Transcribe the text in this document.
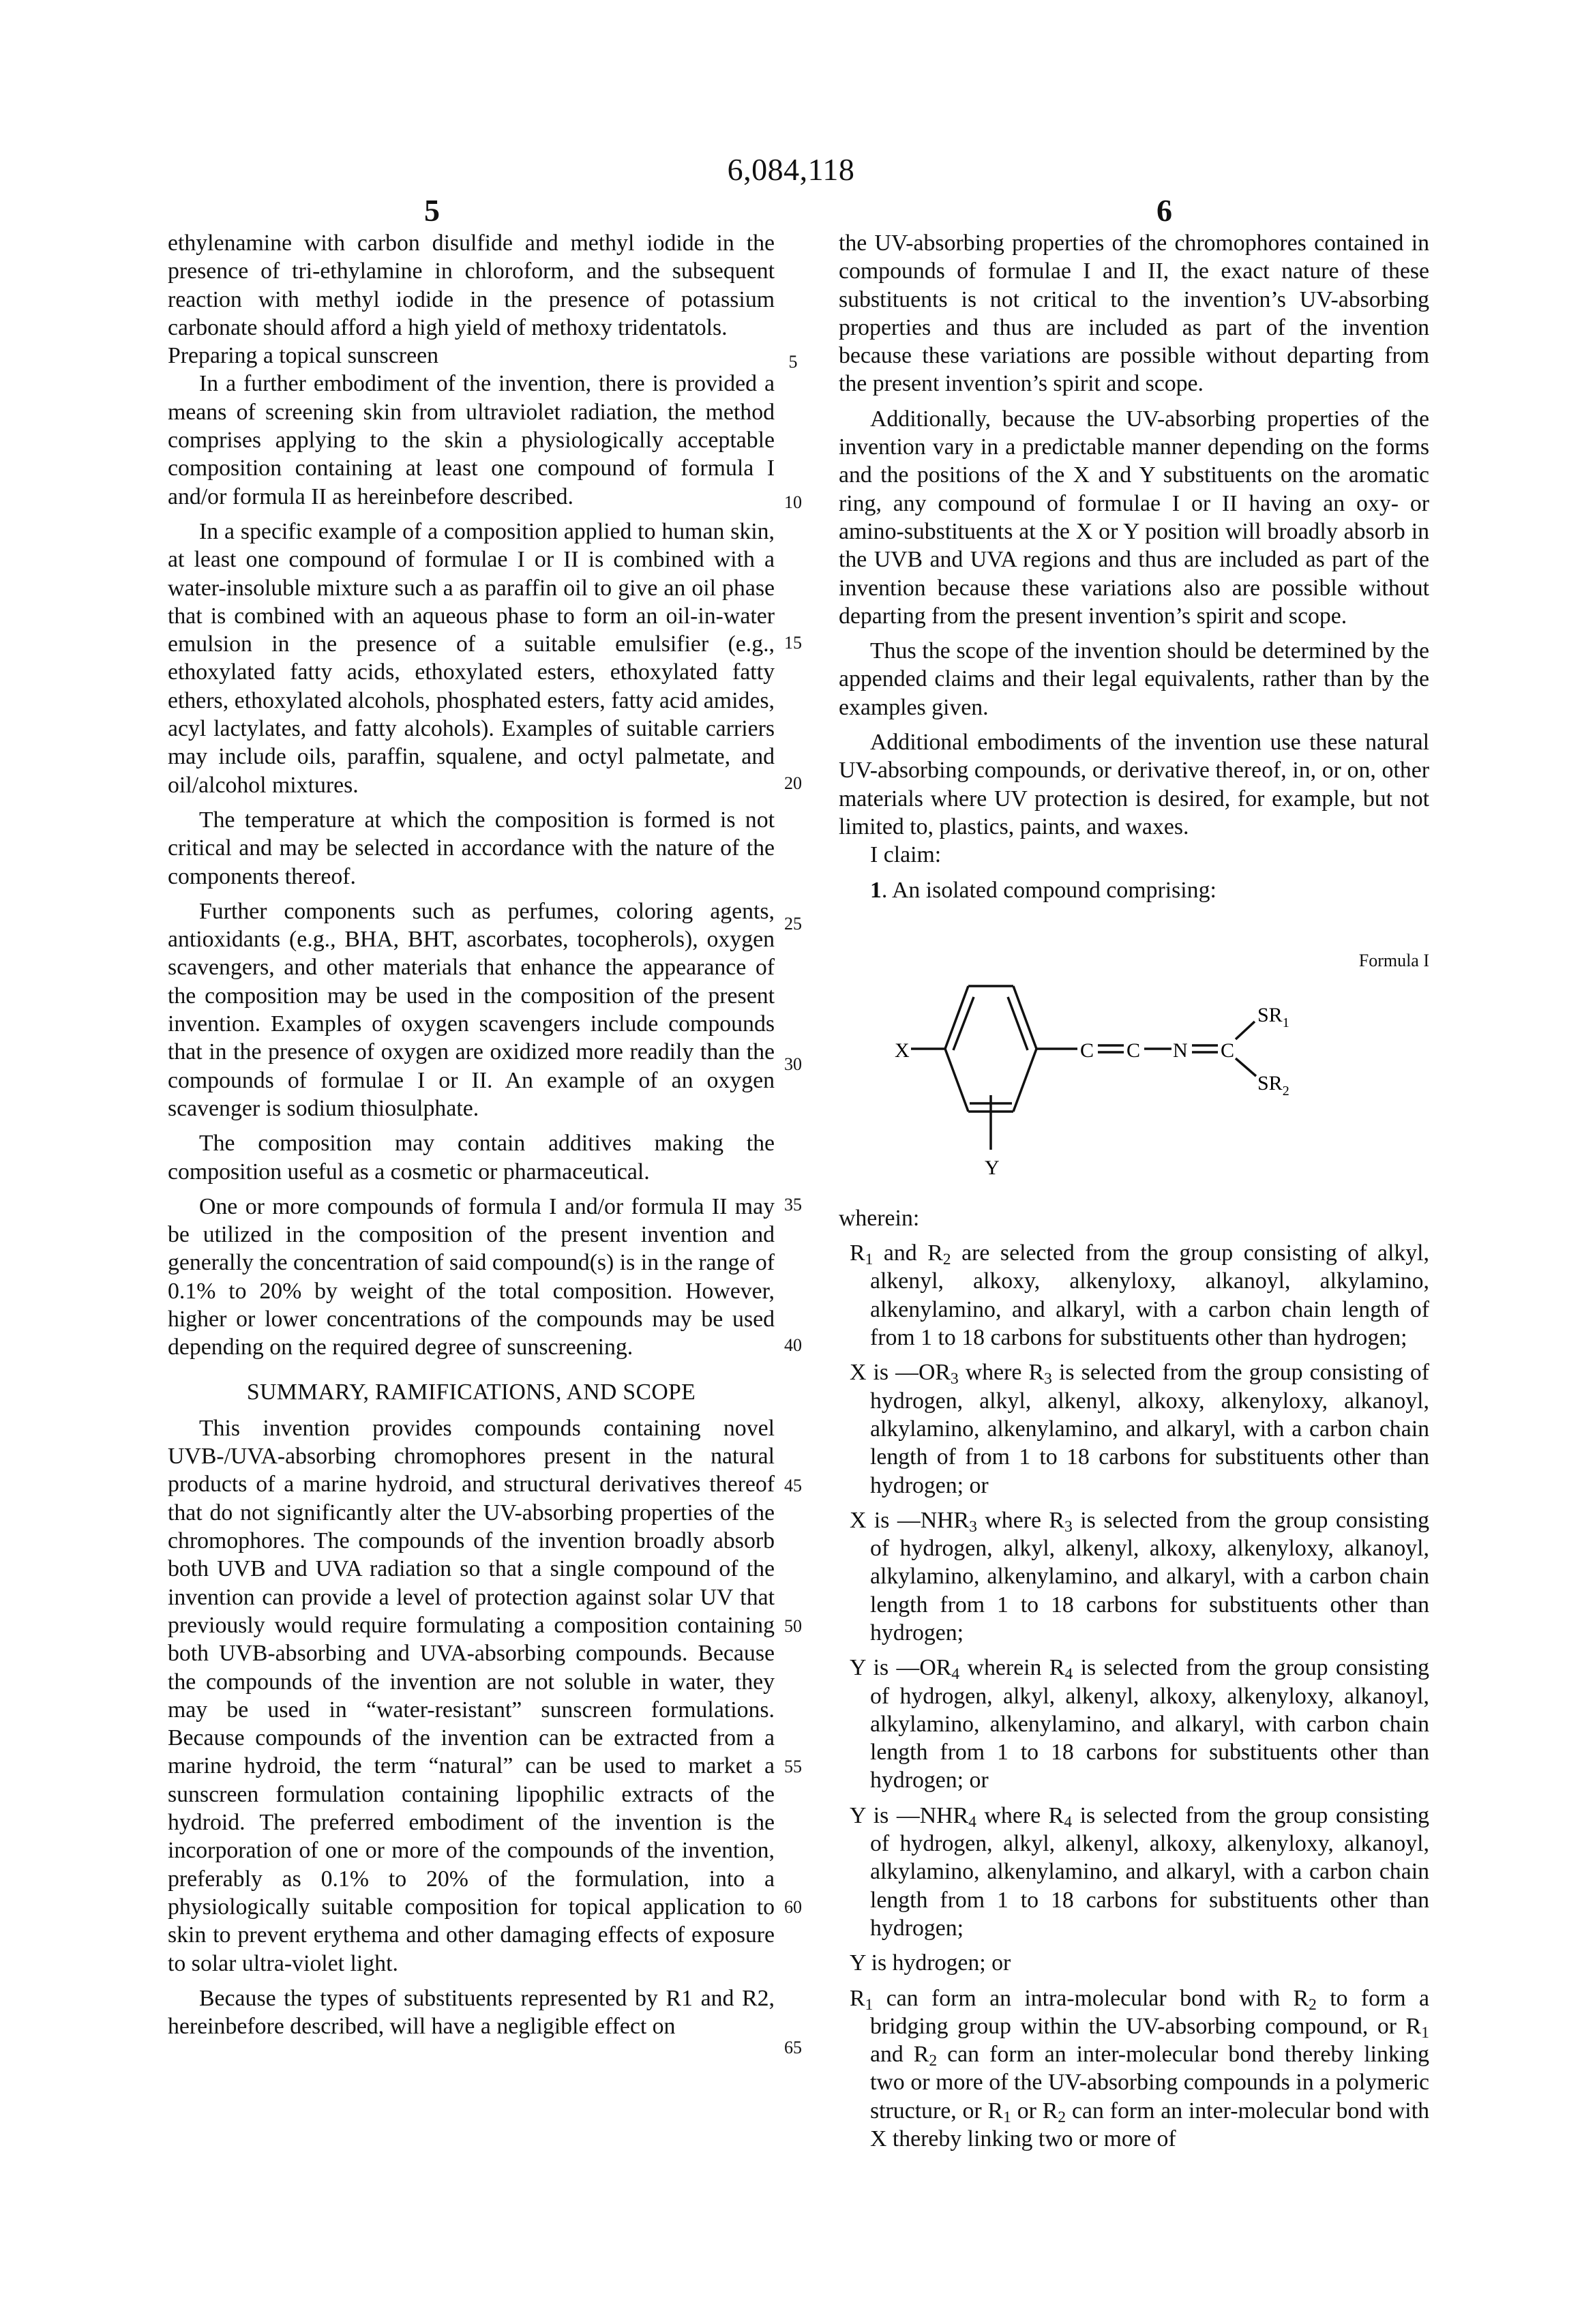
6,084,118
5	6
5
10
15
20
25
30
35
40
45
50
55
60
65

ethylenamine with carbon disulfide and methyl iodide in the presence of tri-ethylamine in chloroform, and the subsequent reaction with methyl iodide in the presence of potassium carbonate should afford a high yield of methoxy tridentatols.

Preparing a topical sunscreen

In a further embodiment of the invention, there is provided a means of screening skin from ultraviolet radiation, the method comprises applying to the skin a physiologically acceptable composition containing at least one compound of formula I and/or formula II as hereinbefore described.

In a specific example of a composition applied to human skin, at least one compound of formulae I or II is combined with a water-insoluble mixture such a as paraffin oil to give an oil phase that is combined with an aqueous phase to form an oil-in-water emulsion in the presence of a suitable emulsifier (e.g., ethoxylated fatty acids, ethoxylated esters, ethoxylated fatty ethers, ethoxylated alcohols, phosphated esters, fatty acid amides, acyl lactylates, and fatty alcohols). Examples of suitable carriers may include oils, paraffin, squalene, and octyl palmetate, and oil/alcohol mixtures.

The temperature at which the composition is formed is not critical and may be selected in accordance with the nature of the components thereof.

Further components such as perfumes, coloring agents, antioxidants (e.g., BHA, BHT, ascorbates, tocopherols), oxygen scavengers, and other materials that enhance the appearance of the composition may be used in the composition of the present invention. Examples of oxygen scavengers include compounds that in the presence of oxygen are oxidized more readily than the compounds of formulae I or II. An example of an oxygen scavenger is sodium thiosulphate.

The composition may contain additives making the composition useful as a cosmetic or pharmaceutical.

One or more compounds of formula I and/or formula II may be utilized in the composition of the present invention and generally the concentration of said compound(s) is in the range of 0.1% to 20% by weight of the total composition. However, higher or lower concentrations of the compounds may be used depending on the required degree of sunscreening.

SUMMARY, RAMIFICATIONS, AND SCOPE

This invention provides compounds containing novel UVB-/UVA-absorbing chromophores present in the natural products of a marine hydroid, and structural derivatives thereof that do not significantly alter the UV-absorbing properties of the chromophores. The compounds of the invention broadly absorb both UVB and UVA radiation so that a single compound of the invention can provide a level of protection against solar UV that previously would require formulating a composition containing both UVB-absorbing and UVA-absorbing compounds. Because the compounds of the invention are not soluble in water, they may be used in “water-resistant” sunscreen formulations. Because compounds of the invention can be extracted from a marine hydroid, the term “natural” can be used to market a sunscreen formulation containing lipophilic extracts of the hydroid. The preferred embodiment of the invention is the incorporation of one or more of the compounds of the invention, preferably as 0.1% to 20% of the formulation, into a physiologically suitable composition for topical application to skin to prevent erythema and other damaging effects of exposure to solar ultra-violet light.

Because the types of substituents represented by R1 and R2, hereinbefore described, will have a negligible effect on

the UV-absorbing properties of the chromophores contained in compounds of formulae I and II, the exact nature of these substituents is not critical to the invention’s UV-absorbing properties and thus are included as part of the invention because these variations are possible without departing from the present invention’s spirit and scope.

Additionally, because the UV-absorbing properties of the invention vary in a predictable manner depending on the forms and the positions of the X and Y substituents on the aromatic ring, any compound of formulae I or II having an oxy- or amino-substituents at the X or Y position will broadly absorb in the UVB and UVA regions and thus are included as part of the invention because these variations also are possible without departing from the present invention’s spirit and scope.

Thus the scope of the invention should be determined by the appended claims and their legal equivalents, rather than by the examples given.

Additional embodiments of the invention use these natural UV-absorbing compounds, or derivative thereof, in, or on, other materials where UV protection is desired, for example, but not limited to, plastics, paints, and waxes.

I claim:

1. An isolated compound comprising:

Formula I
X	C C N C
$SR_1$
$SR_2$
Y

wherein:

$R_1$ and $R_2$ are selected from the group consisting of alkyl, alkenyl, alkoxy, alkenyloxy, alkanoyl, alkylamino, alkenylamino, and alkaryl, with a carbon chain length of from 1 to 18 carbons for substituents other than hydrogen;

X is $—OR_3$ where $R_3$ is selected from the group consisting of hydrogen, alkyl, alkenyl, alkoxy, alkenyloxy, alkanoyl, alkylamino, alkenylamino, and alkaryl, with a carbon chain length of from 1 to 18 carbons for substituents other than hydrogen; or

X is $—NHR_3$ where $R_3$ is selected from the group consisting of hydrogen, alkyl, alkenyl, alkoxy, alkenyloxy, alkanoyl, alkylamino, alkenylamino, and alkaryl, with a carbon chain length from 1 to 18 carbons for substituents other than hydrogen;

Y is $—OR_4$ wherein $R_4$ is selected from the group consisting of hydrogen, alkyl, alkenyl, alkoxy, alkenyloxy, alkanoyl, alkylamino, alkenylamino, and alkaryl, with carbon chain length from 1 to 18 carbons for substituents other than hydrogen; or

Y is $—NHR_4$ where $R_4$ is selected from the group consisting of hydrogen, alkyl, alkenyl, alkoxy, alkenyloxy, alkanoyl, alkylamino, alkenylamino, and alkaryl, with a carbon chain length from 1 to 18 carbons for substituents other than hydrogen;

Y is hydrogen; or

$R_1$ can form an intra-molecular bond with $R_2$ to form a bridging group within the UV-absorbing compound, or $R_1$ and $R_2$ can form an inter-molecular bond thereby linking two or more of the UV-absorbing compounds in a polymeric structure, or $R_1$ or $R_2$ can form an inter-molecular bond with X thereby linking two or more of
